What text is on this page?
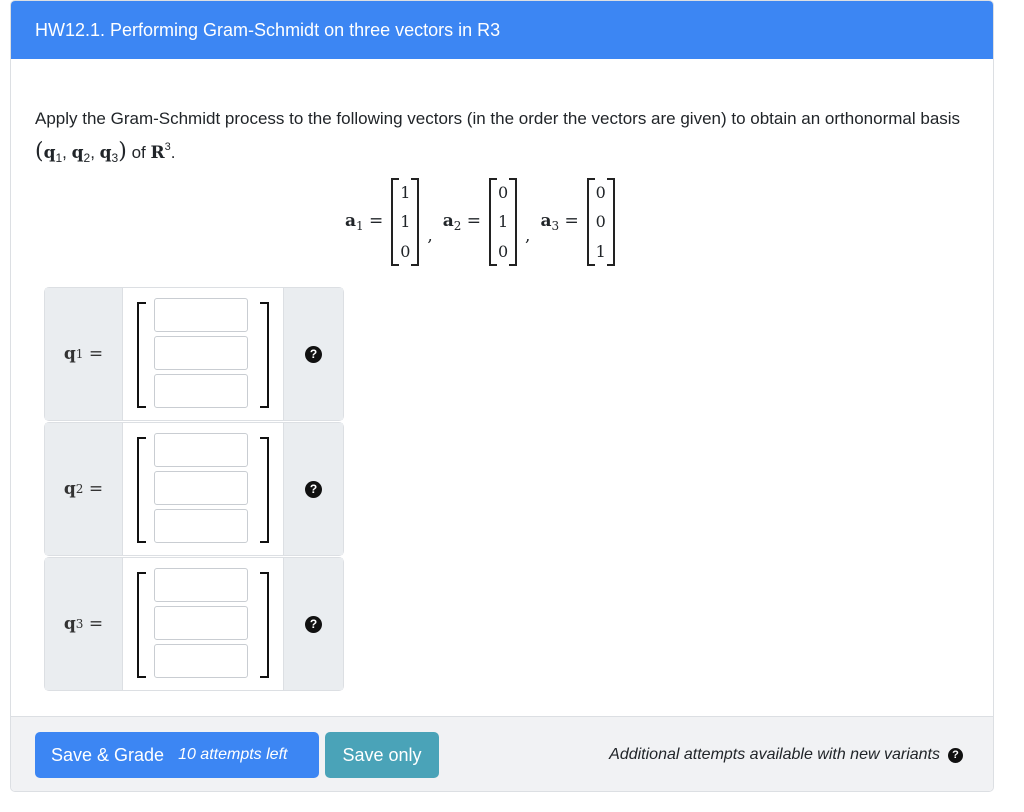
HW12.1. Performing Gram-Schmidt on three vectors in R3
Apply the Gram-Schmidt process to the following vectors (in the order the vectors are given) to obtain an orthonormal basis ($q_1$, $q_2$, $q_3$) of $R^3$.
$a_1$ =
1
1
0
,
$a_2$ =
0
1
0
,
$a_3$ =
0
0
1
q 1 =	?
q 2 =	?
q 3 =	?
Save & Grade 10 attempts left	Save only	Additional attempts available with new variants	?
